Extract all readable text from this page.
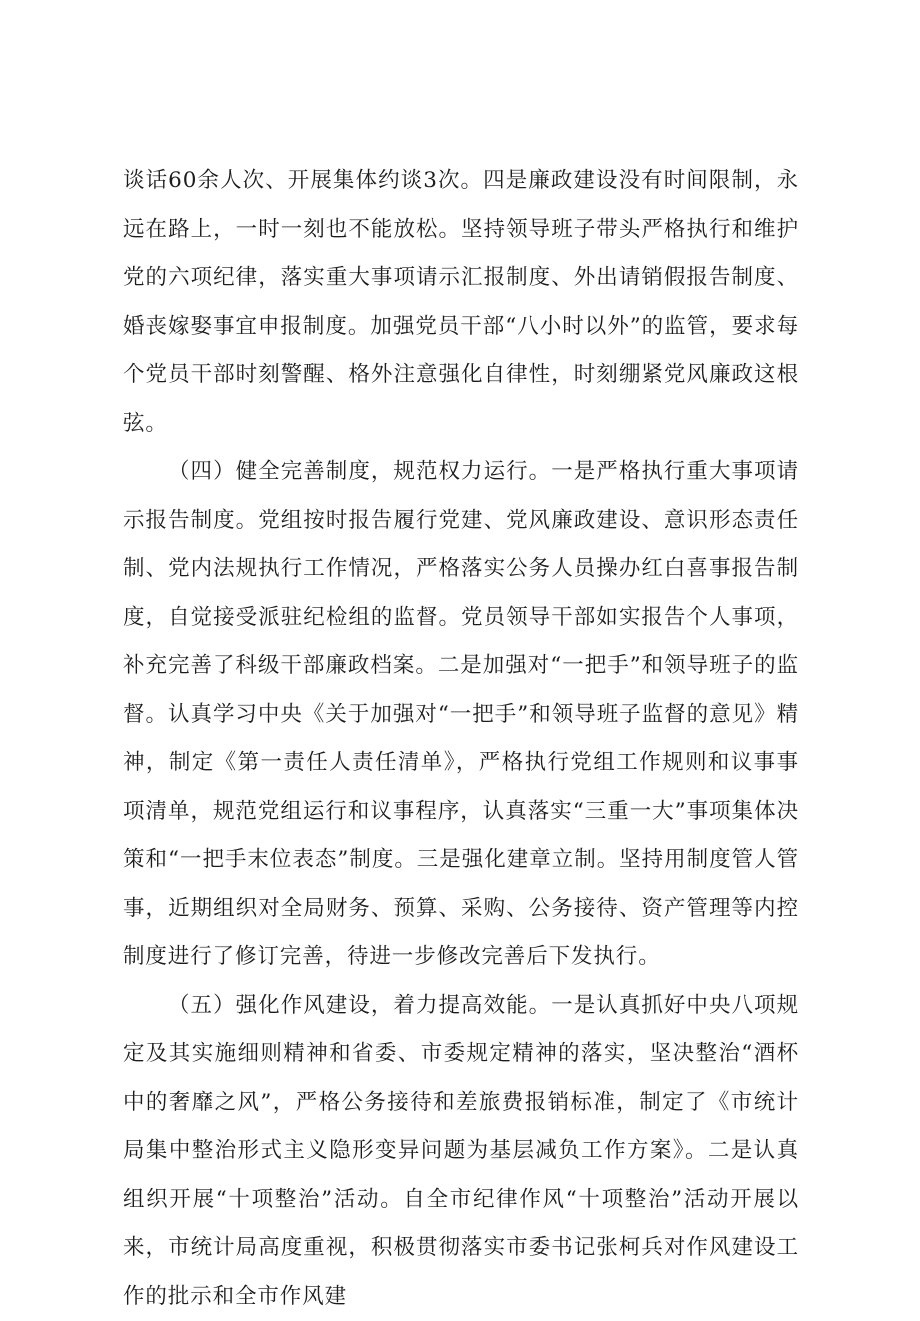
谈话60余人次、开展集体约谈3次。四是廉政建设没有时间限制，永远在路上，一时一刻也不能放松。坚持领导班子带头严格执行和维护党的六项纪律，落实重大事项请示汇报制度、外出请销假报告制度、婚丧嫁娶事宜申报制度。加强党员干部“八小时以外”的监管，要求每个党员干部时刻警醒、格外注意强化自律性，时刻绷紧党风廉政这根弦。

（四）健全完善制度，规范权力运行。一是严格执行重大事项请示报告制度。党组按时报告履行党建、党风廉政建设、意识形态责任制、党内法规执行工作情况，严格落实公务人员操办红白喜事报告制度，自觉接受派驻纪检组的监督。党员领导干部如实报告个人事项，补充完善了科级干部廉政档案。二是加强对“一把手”和领导班子的监督。认真学习中央《关于加强对“一把手”和领导班子监督的意见》精神，制定《第一责任人责任清单》，严格执行党组工作规则和议事事项清单，规范党组运行和议事程序，认真落实“三重一大”事项集体决策和“一把手末位表态”制度。三是强化建章立制。坚持用制度管人管事，近期组织对全局财务、预算、采购、公务接待、资产管理等内控制度进行了修订完善，待进一步修改完善后下发执行。

（五）强化作风建设，着力提高效能。一是认真抓好中央八项规定及其实施细则精神和省委、市委规定精神的落实，坚决整治“酒杯中的奢靡之风”，严格公务接待和差旅费报销标准，制定了《市统计局集中整治形式主义隐形变异问题为基层减负工作方案》。二是认真组织开展“十项整治”活动。自全市纪律作风“十项整治”活动开展以来，市统计局高度重视，积极贯彻落实市委书记张柯兵对作风建设工作的批示和全市作风建
